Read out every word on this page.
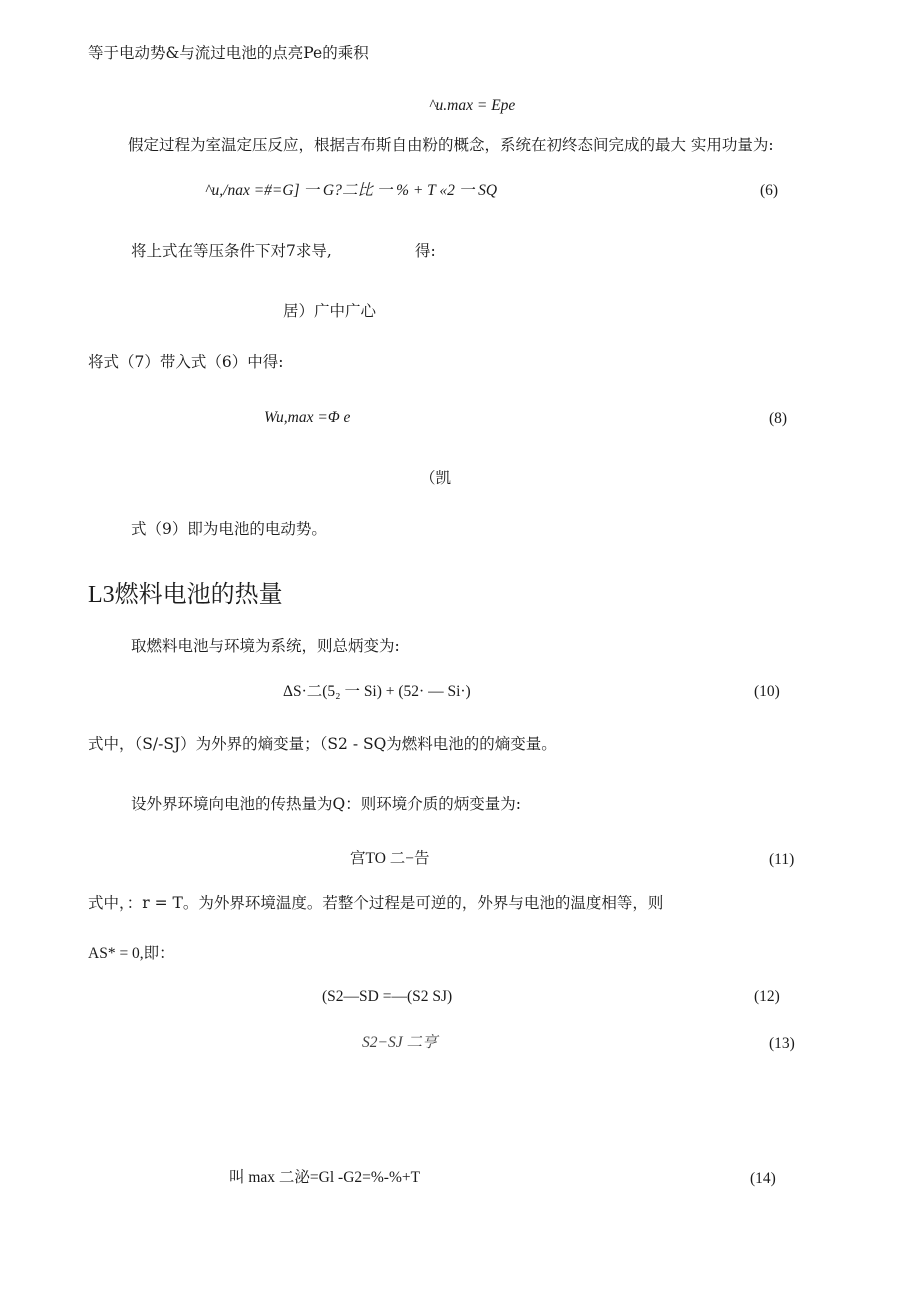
等于电动势&与流过电池的点亮Pe的乘积
^u.max = Epe
假定过程为室温定压反应，根据吉布斯自由粉的概念，系统在初终态间完成的最大 实用功量为:
^u,/nax =#=G] 一 G?二比 一 % + T «2 一 SQ	(6)
将上式在等压条件下对7求导,	得:
居）广中广心
将式（7）带入式（6）中得:
Wu,max =Φ e	(8)
（凯
式（9）即为电池的电动势。
L3燃料电池的热量
取燃料电池与环境为系统，则总炳变为:
ΔS·二(5₂ 一 Si) + (52· — Si·)	(10)
式中，（S/-SJ）为外界的熵变量；（S2 - SQ为燃料电池的的熵变量。
设外界环境向电池的传热量为Q：则环境介质的炳变量为:
宫TO 二−告	(11)
式中，：r = T。为外界环境温度。若整个过程是可逆的，外界与电池的温度相等，则
AS* = 0,即：
(S2—SD =—(S2 SJ)	(12)
S2−SJ 二亨	(13)
叫 max 二泌=Gl -G2=%-%+T	(14)
